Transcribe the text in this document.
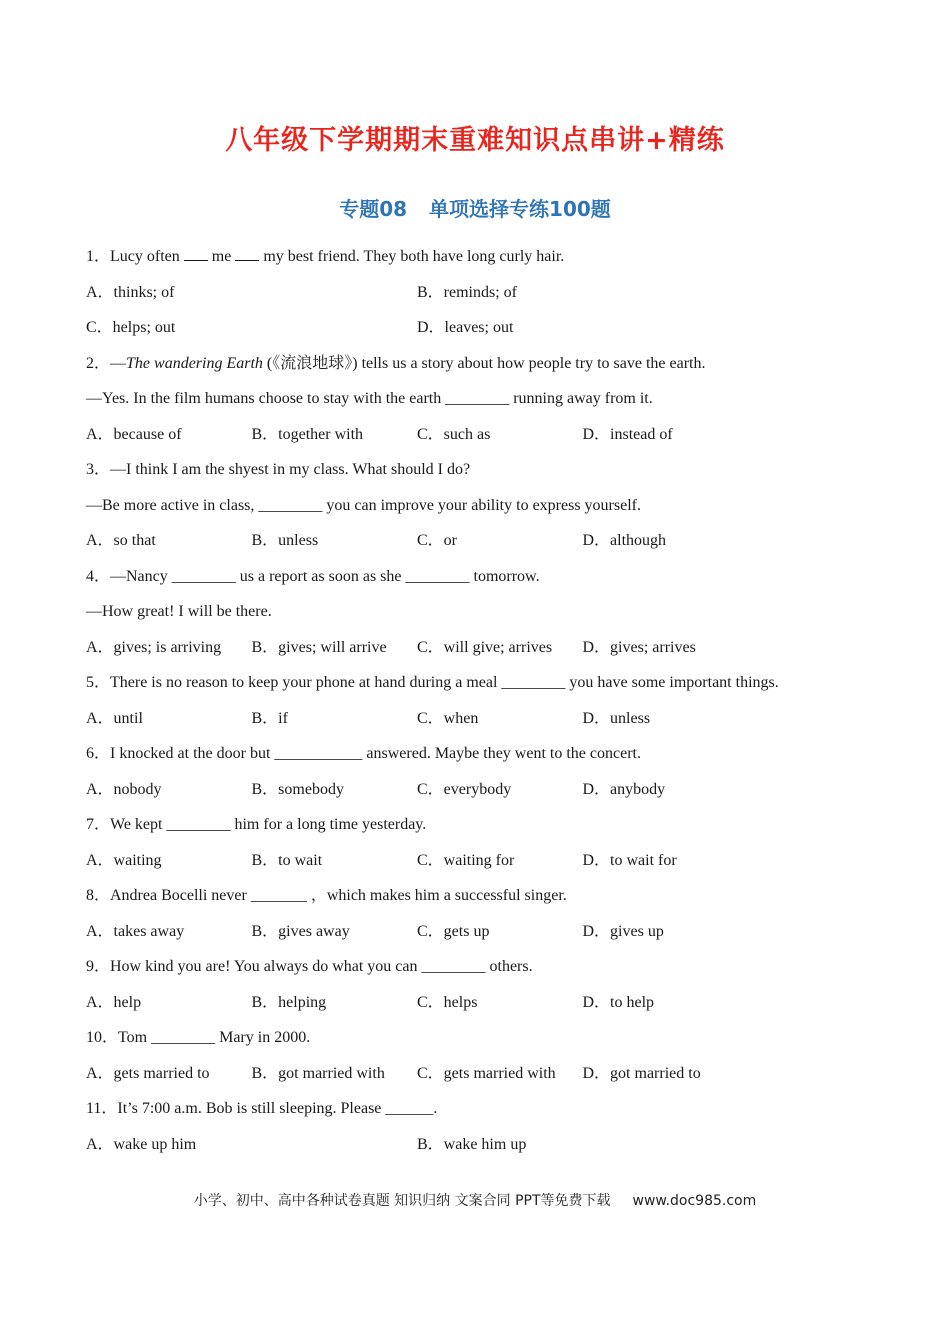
八年级下学期期末重难知识点串讲+精练
专题08 单项选择专练100题
1．Lucy often  me  my best friend. They both have long curly hair.
A．thinks; of	B．reminds; of
C．helps; out	D．leaves; out
2．—The wandering Earth (《流浪地球》) tells us a story about how people try to save the earth.
—Yes. In the film humans choose to stay with the earth ________ running away from it.
A．because of	B．together with	C．such as	D．instead of
3．—I think I am the shyest in my class. What should I do?
—Be more active in class, ________ you can improve your ability to express yourself.
A．so that	B．unless	C．or	D．although
4．—Nancy ________ us a report as soon as she ________ tomorrow.
—How great! I will be there.
A．gives; is arriving	B．gives; will arrive	C．will give; arrives	D．gives; arrives
5．There is no reason to keep your phone at hand during a meal ________ you have some important things.
A．until	B．if	C．when	D．unless
6．I knocked at the door but ___________ answered. Maybe they went to the concert.
A．nobody	B．somebody	C．everybody	D．anybody
7．We kept ________ him for a long time yesterday.
A．waiting	B．to wait	C．waiting for	D．to wait for
8．Andrea Bocelli never _______ ，which makes him a successful singer.
A．takes away	B．gives away	C．gets up	D．gives up
9．How kind you are! You always do what you can ________ others.
A．help	B．helping	C．helps	D．to help
10．Tom ________ Mary in 2000.
A．gets married to	B．got married with	C．gets married with	D．got married to
11．It’s 7:00 a.m. Bob is still sleeping. Please ______.
A．wake up him	B．wake him up
小学、初中、高中各种试卷真题 知识归纳 文案合同 PPT等免费下载 www.doc985.com
